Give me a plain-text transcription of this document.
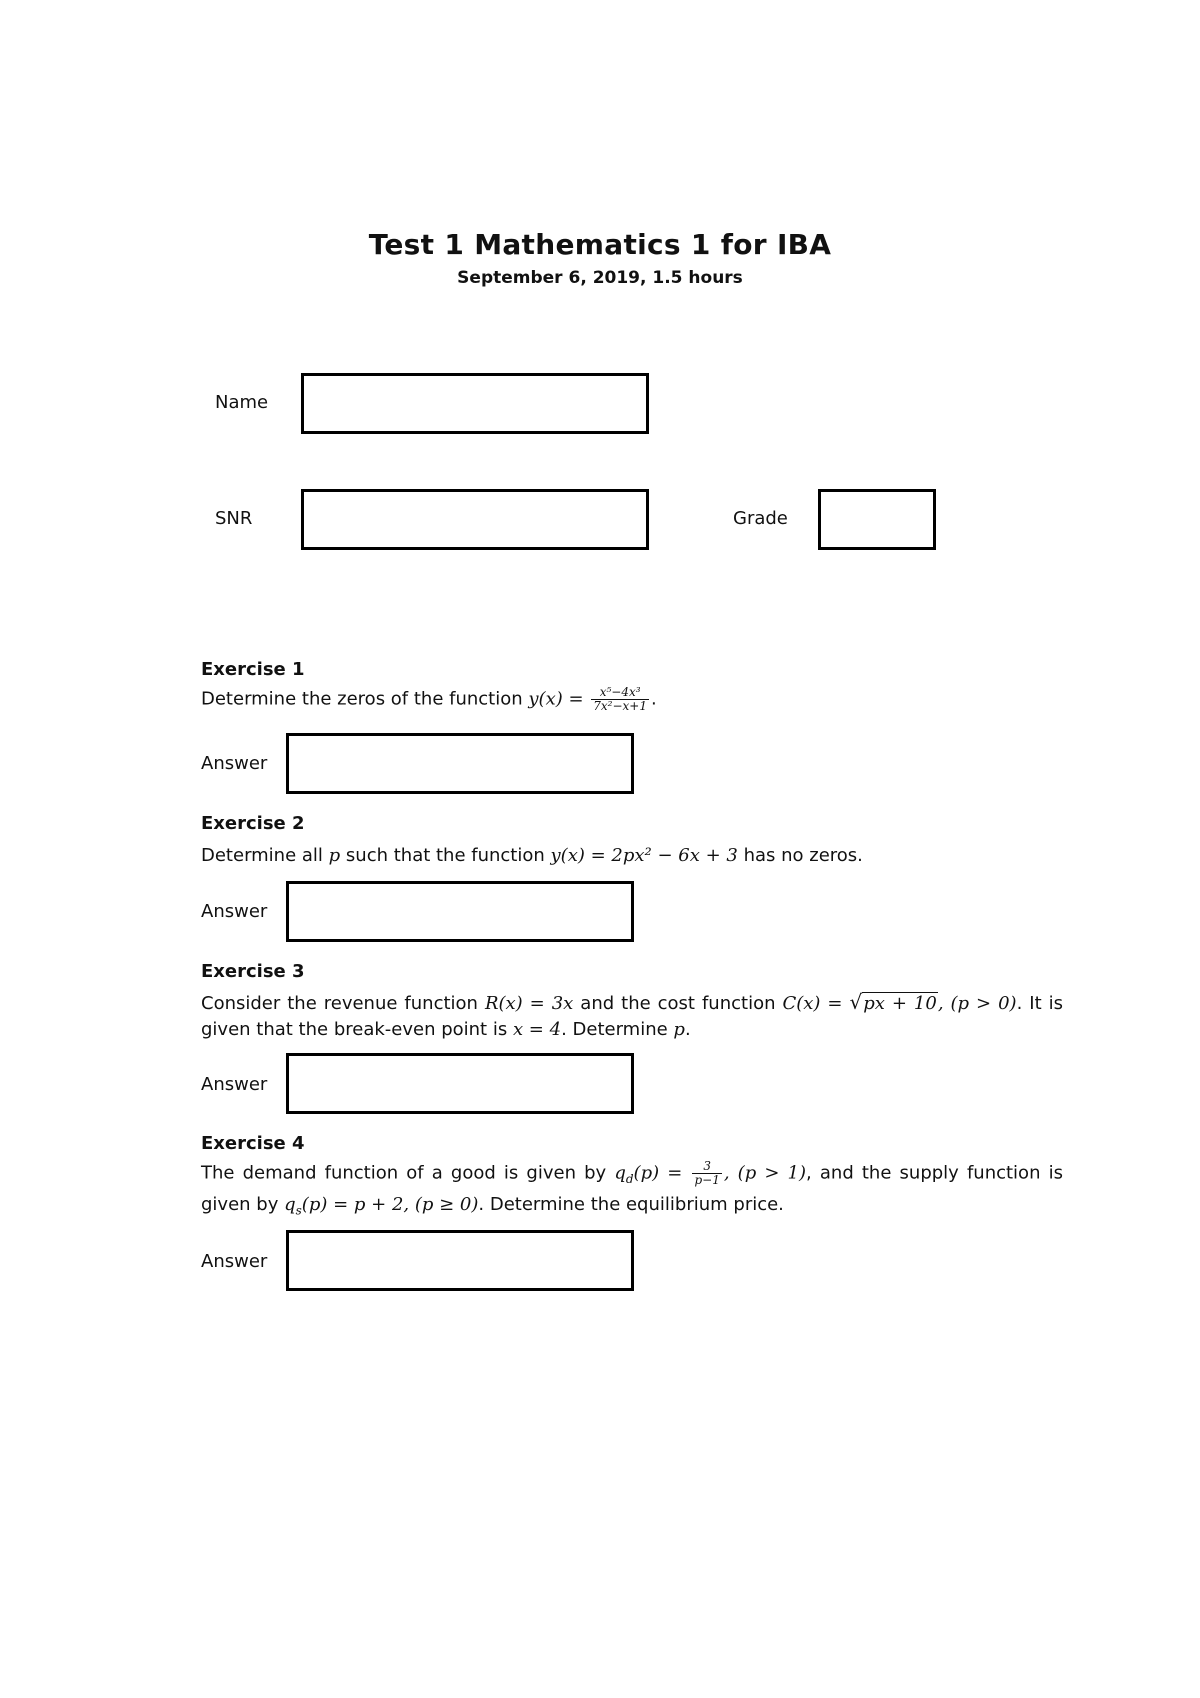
Test 1 Mathematics 1 for IBA
September 6, 2019, 1.5 hours
Name
SNR	Grade
Exercise 1
Determine the zeros of the function $y(x) = \frac{\text{x⁵−4x³}}{\text{7x²−x+1}}$ .
Answer
Exercise 2
Determine all p such that the function y(x) = 2px² − 6x + 3 has no zeros.
Answer
Exercise 3
Consider the revenue function R(x) = 3x and the cost function C(x) = √px + 10, (p > 0). It is given that the break-even point is x = 4. Determine p.
Answer
Exercise 4
The demand function of a good is given by $q_d(p) = \frac{3}{p-1}$ , (p > 1), and the supply function is given by $q_s(p) = p + 2$, (p ≥ 0). Determine the equilibrium price.
Answer
